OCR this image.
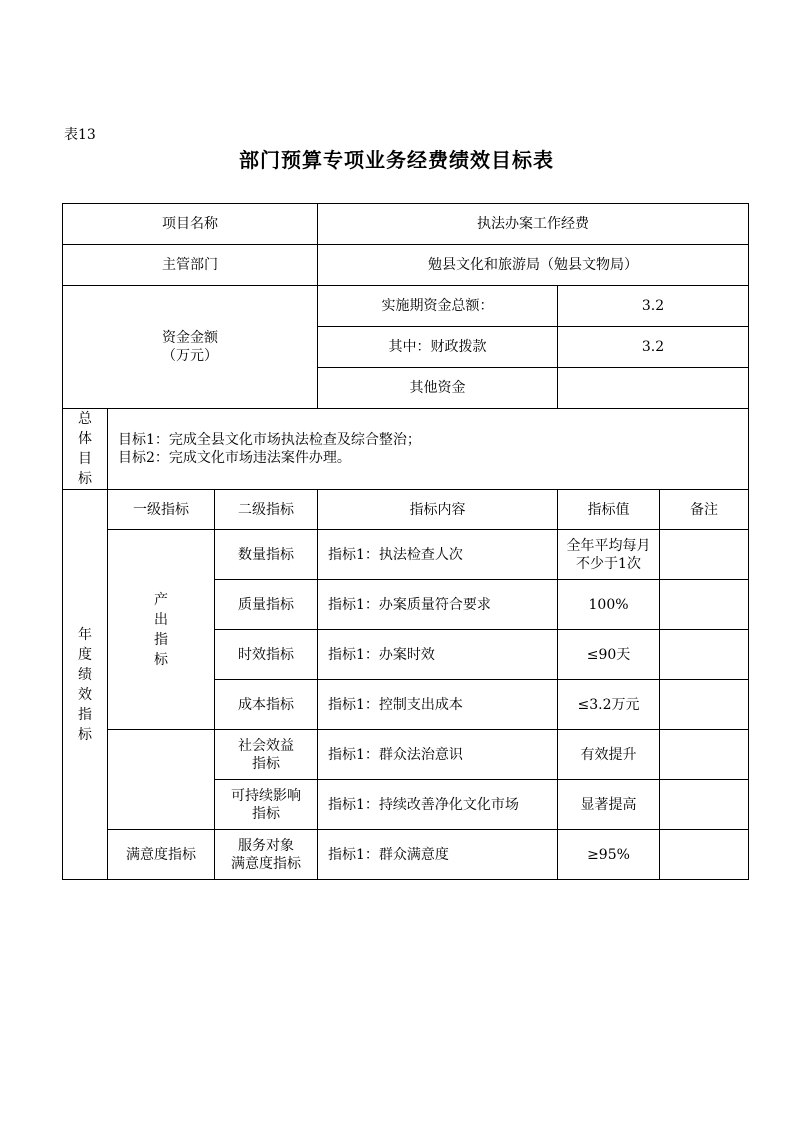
表13
部门预算专项业务经费绩效目标表
项目名称			执法办案工作经费		
主管部门			勉县文化和旅游局（勉县文物局）		
资金金额
（万元）			实施期资金总额：	3.2	
			其中：财政拨款	3.2	
			其他资金		
总体目标	目标1：完成全县文化市场执法检查及综合整治；
目标2：完成文化市场违法案件办理。				
年度绩效指标	一级指标	二级指标	指标内容	指标值	备注
	产出指标	数量指标	指标1：执法检查人次	全年平均每月
不少于1次	
		质量指标	指标1：办案质量符合要求	100%	
		时效指标	指标1：办案时效	≤90天	
		成本指标	指标1：控制支出成本	≤3.2万元	
		社会效益
指标	指标1：群众法治意识	有效提升	
		可持续影响
指标	指标1：持续改善净化文化市场	显著提高	
	满意度指标	服务对象
满意度指标	指标1：群众满意度	≥95%	
